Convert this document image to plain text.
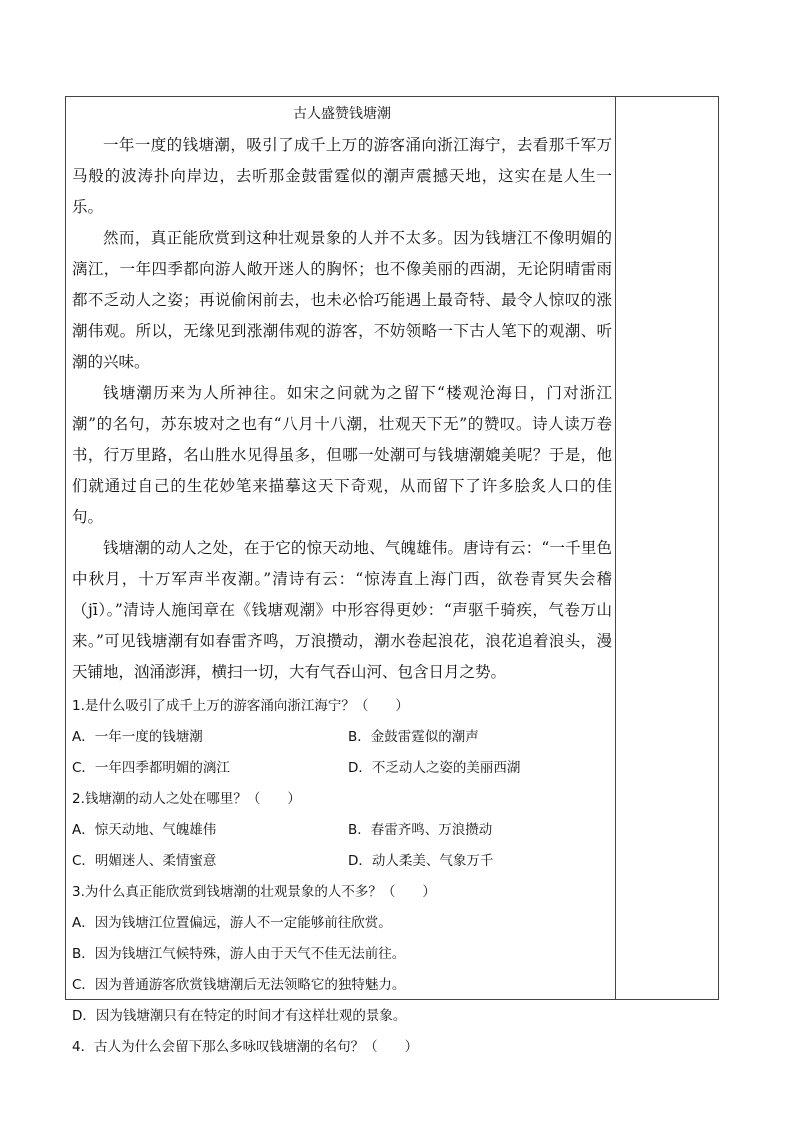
古人盛赞钱塘潮

一年一度的钱塘潮，吸引了成千上万的游客涌向浙江海宁，去看那千军万马般的波涛扑向岸边，去听那金鼓雷霆似的潮声震撼天地，这实在是人生一乐。

然而，真正能欣赏到这种壮观景象的人并不太多。因为钱塘江不像明媚的漓江，一年四季都向游人敞开迷人的胸怀；也不像美丽的西湖，无论阴晴雷雨都不乏动人之姿；再说偷闲前去，也未必恰巧能遇上最奇特、最令人惊叹的涨潮伟观。所以，无缘见到涨潮伟观的游客，不妨领略一下古人笔下的观潮、听潮的兴味。

钱塘潮历来为人所神往。如宋之问就为之留下“楼观沧海日，门对浙江潮”的名句，苏东坡对之也有“八月十八潮，壮观天下无”的赞叹。诗人读万卷书，行万里路，名山胜水见得虽多，但哪一处潮可与钱塘潮媲美呢？于是，他们就通过自己的生花妙笔来描摹这天下奇观，从而留下了许多脍炙人口的佳句。

钱塘潮的动人之处，在于它的惊天动地、气魄雄伟。唐诗有云：“一千里色中秋月，十万军声半夜潮。”清诗有云：“惊涛直上海门西，欲卷青冥失会稽（jī）。”清诗人施闰章在《钱塘观潮》中形容得更妙：“声驱千骑疾，气卷万山来。”可见钱塘潮有如春雷齐鸣，万浪攒动，潮水卷起浪花，浪花追着浪头，漫天铺地，汹涌澎湃，横扫一切，大有气吞山河、包含日月之势。

1.是什么吸引了成千上万的游客涌向浙江海宁？（　　）
A．一年一度的钱塘潮	B．金鼓雷霆似的潮声
C．一年四季都明媚的漓江	D．不乏动人之姿的美丽西湖
2.钱塘潮的动人之处在哪里？（　　）
A．惊天动地、气魄雄伟	B．春雷齐鸣、万浪攒动
C．明媚迷人、柔情蜜意	D．动人柔美、气象万千
3.为什么真正能欣赏到钱塘潮的壮观景象的人不多？（　　）
A．因为钱塘江位置偏远，游人不一定能够前往欣赏。
B．因为钱塘江气候特殊，游人由于天气不佳无法前往。
C．因为普通游客欣赏钱塘潮后无法领略它的独特魅力。
D．因为钱塘潮只有在特定的时间才有这样壮观的景象。
4．古人为什么会留下那么多咏叹钱塘潮的名句？（　　）
